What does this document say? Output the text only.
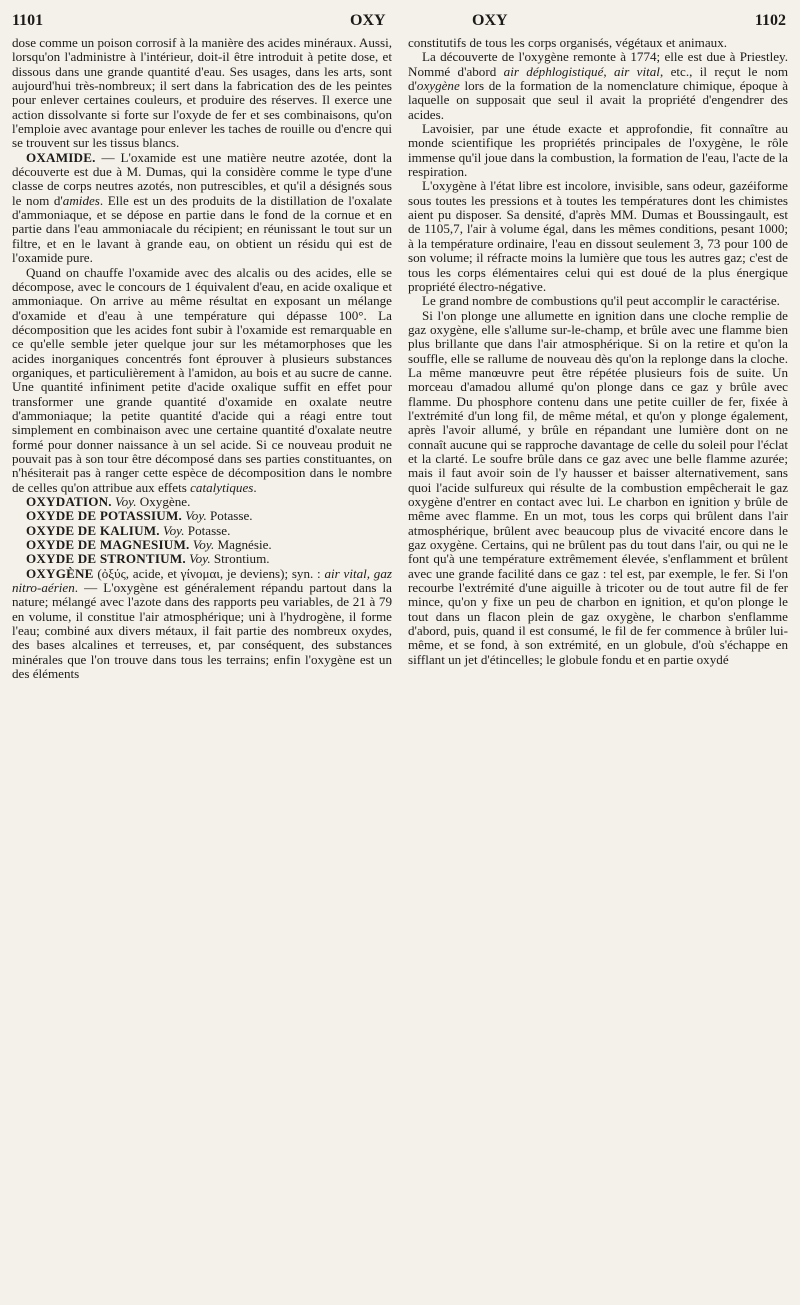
1101	OXY	OXY	1102

dose comme un poison corrosif à la manière des acides minéraux. Aussi, lorsqu'on l'administre à l'intérieur, doit-il être introduit à petite dose, et dissous dans une grande quantité d'eau. Ses usages, dans les arts, sont aujourd'hui très-nombreux; il sert dans la fabrication des de les peintes pour enlever certaines couleurs, et produire des réserves. Il exerce une action dissolvante si forte sur l'oxyde de fer et ses combinaisons, qu'on l'emploie avec avantage pour enlever les taches de rouille ou d'encre qui se trouvent sur les tissus blancs.

OXAMIDE. — L'oxamide est une matière neutre azotée, dont la découverte est due à M. Dumas, qui la considère comme le type d'une classe de corps neutres azotés, non putrescibles, et qu'il a désignés sous le nom d'amides. Elle est un des produits de la distillation de l'oxalate d'ammoniaque, et se dépose en partie dans le fond de la cornue et en partie dans l'eau ammoniacale du récipient; en réunissant le tout sur un filtre, et en le lavant à grande eau, on obtient un résidu qui est de l'oxamide pure.

Quand on chauffe l'oxamide avec des alcalis ou des acides, elle se décompose, avec le concours de 1 équivalent d'eau, en acide oxalique et ammoniaque. On arrive au même résultat en exposant un mélange d'oxamide et d'eau à une température qui dépasse 100°. La décomposition que les acides font subir à l'oxamide est remarquable en ce qu'elle semble jeter quelque jour sur les métamorphoses que les acides inorganiques concentrés font éprouver à plusieurs substances organiques, et particulièrement à l'amidon, au bois et au sucre de canne. Une quantité infiniment petite d'acide oxalique suffit en effet pour transformer une grande quantité d'oxamide en oxalate neutre d'ammoniaque; la petite quantité d'acide qui a réagi entre tout simplement en combinaison avec une certaine quantité d'oxalate neutre formé pour donner naissance à un sel acide. Si ce nouveau produit ne pouvait pas à son tour être décomposé dans ses parties constituantes, on n'hésiterait pas à ranger cette espèce de décomposition dans le nombre de celles qu'on attribue aux effets catalytiques.

OXYDATION. Voy. Oxygène.

OXYDE DE POTASSIUM. Voy. Potasse.

OXYDE DE KALIUM. Voy. Potasse.

OXYDE DE MAGNESIUM. Voy. Magnésie.

OXYDE DE STRONTIUM. Voy. Strontium.

OXYGÈNE (ὀξύς, acide, et γίνομαι, je deviens); syn. : air vital, gaz nitro-aérien. — L'oxygène est généralement répandu partout dans la nature; mélangé avec l'azote dans des rapports peu variables, de 21 à 79 en volume, il constitue l'air atmosphérique; uni à l'hydrogène, il forme l'eau; combiné aux divers métaux, il fait partie des nombreux oxydes, des bases alcalines et terreuses, et, par conséquent, des substances minérales que l'on trouve dans tous les terrains; enfin l'oxygène est un des éléments

constitutifs de tous les corps organisés, végétaux et animaux.

La découverte de l'oxygène remonte à 1774; elle est due à Priestley. Nommé d'abord air déphlogistiqué, air vital, etc., il reçut le nom d'oxygène lors de la formation de la nomenclature chimique, époque à laquelle on supposait que seul il avait la propriété d'engendrer des acides.

Lavoisier, par une étude exacte et approfondie, fit connaître au monde scientifique les propriétés principales de l'oxygène, le rôle immense qu'il joue dans la combustion, la formation de l'eau, l'acte de la respiration.

L'oxygène à l'état libre est incolore, invisible, sans odeur, gazéiforme sous toutes les pressions et à toutes les températures dont les chimistes aient pu disposer. Sa densité, d'après MM. Dumas et Boussingault, est de 1105,7, l'air à volume égal, dans les mêmes conditions, pesant 1000; à la température ordinaire, l'eau en dissout seulement 3, 73 pour 100 de son volume; il réfracte moins la lumière que tous les autres gaz; c'est de tous les corps élémentaires celui qui est doué de la plus énergique propriété électro-négative.

Le grand nombre de combustions qu'il peut accomplir le caractérise.

Si l'on plonge une allumette en ignition dans une cloche remplie de gaz oxygène, elle s'allume sur-le-champ, et brûle avec une flamme bien plus brillante que dans l'air atmosphérique. Si on la retire et qu'on la souffle, elle se rallume de nouveau dès qu'on la replonge dans la cloche. La même manœuvre peut être répétée plusieurs fois de suite. Un morceau d'amadou allumé qu'on plonge dans ce gaz y brûle avec flamme. Du phosphore contenu dans une petite cuiller de fer, fixée à l'extrémité d'un long fil, de même métal, et qu'on y plonge également, après l'avoir allumé, y brûle en répandant une lumière dont on ne connaît aucune qui se rapproche davantage de celle du soleil pour l'éclat et la clarté. Le soufre brûle dans ce gaz avec une belle flamme azurée; mais il faut avoir soin de l'y hausser et baisser alternativement, sans quoi l'acide sulfureux qui résulte de la combustion empêcherait le gaz oxygène d'entrer en contact avec lui. Le charbon en ignition y brûle de même avec flamme. En un mot, tous les corps qui brûlent dans l'air atmosphérique, brûlent avec beaucoup plus de vivacité encore dans le gaz oxygène. Certains, qui ne brûlent pas du tout dans l'air, ou qui ne le font qu'à une température extrêmement élevée, s'enflamment et brûlent avec une grande facilité dans ce gaz : tel est, par exemple, le fer. Si l'on recourbe l'extrémité d'une aiguille à tricoter ou de tout autre fil de fer mince, qu'on y fixe un peu de charbon en ignition, et qu'on plonge le tout dans un flacon plein de gaz oxygène, le charbon s'enflamme d'abord, puis, quand il est consumé, le fil de fer commence à brûler lui-même, et se fond, à son extrémité, en un globule, d'où s'échappe en sifflant un jet d'étincelles; le globule fondu et en partie oxydé
